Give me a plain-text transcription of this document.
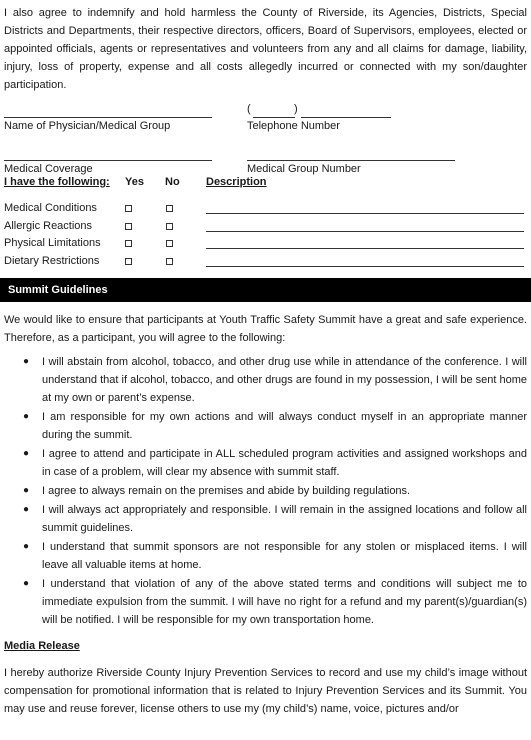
I also agree to indemnify and hold harmless the County of Riverside, its Agencies, Districts, Special Districts and Departments, their respective directors, officers, Board of Supervisors, employees, elected or appointed officials, agents or representatives and volunteers from any and all claims for damage, liability, injury, loss of property, expense and all costs allegedly incurred or connected with my son/daughter participation.

Name of Physician/Medical Group
(	)
Telephone Number
Medical Coverage	Medical Group Number
I have the following: Yes No Description
Medical Conditions
Allergic Reactions
Physical Limitations
Dietary Restrictions
Summit Guidelines

We would like to ensure that participants at Youth Traffic Safety Summit have a great and safe experience. Therefore, as a participant, you will agree to the following:

● I will abstain from alcohol, tobacco, and other drug use while in attendance of the conference. I will understand that if alcohol, tobacco, and other drugs are found in my possession, I will be sent home at my own or parent’s expense.
● I am responsible for my own actions and will always conduct myself in an appropriate manner during the summit.
● I agree to attend and participate in ALL scheduled program activities and assigned workshops and in case of a problem, will clear my absence with summit staff.
● I agree to always remain on the premises and abide by building regulations.
● I will always act appropriately and responsible. I will remain in the assigned locations and follow all summit guidelines.
● I understand that summit sponsors are not responsible for any stolen or misplaced items. I will leave all valuable items at home.
● I understand that violation of any of the above stated terms and conditions will subject me to immediate expulsion from the summit. I will have no right for a refund and my parent(s)/guardian(s) will be notified. I will be responsible for my own transportation home.
Media Release

I hereby authorize Riverside County Injury Prevention Services to record and use my child’s image without compensation for promotional information that is related to Injury Prevention Services and its Summit. You may use and reuse forever, license others to use my (my child’s) name, voice, pictures and/or
